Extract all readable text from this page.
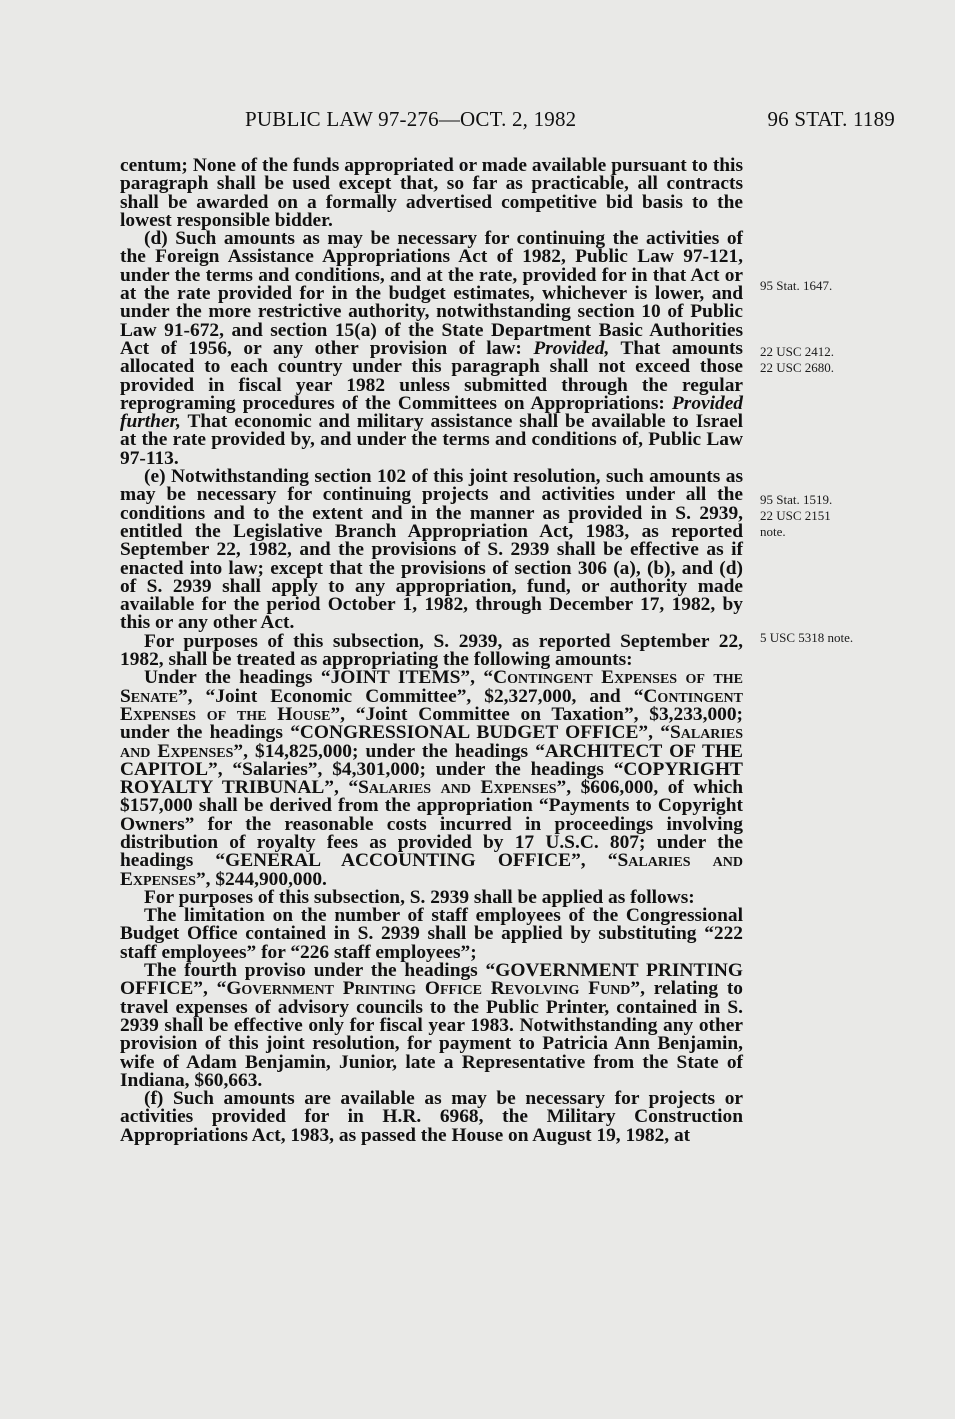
PUBLIC LAW 97-276—OCT. 2, 1982	96 STAT. 1189
95 Stat. 1647.
22 USC 2412.
22 USC 2680.
95 Stat. 1519.
22 USC 2151
note.
5 USC 5318 note.

centum; None of the funds appropriated or made available pursuant to this paragraph shall be used except that, so far as practicable, all contracts shall be awarded on a formally advertised competitive bid basis to the lowest responsible bidder.

(d) Such amounts as may be necessary for continuing the activities of the Foreign Assistance Appropriations Act of 1982, Public Law 97-121, under the terms and conditions, and at the rate, provided for in that Act or at the rate provided for in the budget estimates, whichever is lower, and under the more restrictive authority, notwithstanding section 10 of Public Law 91-672, and section 15(a) of the State Department Basic Authorities Act of 1956, or any other provision of law: Provided, That amounts allocated to each country under this paragraph shall not exceed those provided in fiscal year 1982 unless submitted through the regular reprograming procedures of the Committees on Appropriations: Provided further, That economic and military assistance shall be available to Israel at the rate provided by, and under the terms and conditions of, Public Law 97-113.

(e) Notwithstanding section 102 of this joint resolution, such amounts as may be necessary for continuing projects and activities under all the conditions and to the extent and in the manner as provided in S. 2939, entitled the Legislative Branch Appropriation Act, 1983, as reported September 22, 1982, and the provisions of S. 2939 shall be effective as if enacted into law; except that the provisions of section 306 (a), (b), and (d) of S. 2939 shall apply to any appropriation, fund, or authority made available for the period October 1, 1982, through December 17, 1982, by this or any other Act.

For purposes of this subsection, S. 2939, as reported September 22, 1982, shall be treated as appropriating the following amounts:

Under the headings “JOINT ITEMS”, “Contingent Expenses of the Senate”, “Joint Economic Committee”, $2,327,000, and “Contingent Expenses of the House”, “Joint Committee on Taxation”, $3,233,000; under the headings “CONGRESSIONAL BUDGET OFFICE”, “Salaries and Expenses”, $14,825,000; under the headings “ARCHITECT OF THE CAPITOL”, “Salaries”, $4,301,000; under the headings “COPYRIGHT ROYALTY TRIBUNAL”, “Salaries and Expenses”, $606,000, of which $157,000 shall be derived from the appropriation “Payments to Copyright Owners” for the reasonable costs incurred in proceedings involving distribution of royalty fees as provided by 17 U.S.C. 807; under the headings “GENERAL ACCOUNTING OFFICE”, “Salaries and Expenses”, $244,900,000.

For purposes of this subsection, S. 2939 shall be applied as follows:

The limitation on the number of staff employees of the Congressional Budget Office contained in S. 2939 shall be applied by substituting “222 staff employees” for “226 staff employees”;

The fourth proviso under the headings “GOVERNMENT PRINTING OFFICE”, “Government Printing Office Revolving Fund”, relating to travel expenses of advisory councils to the Public Printer, contained in S. 2939 shall be effective only for fiscal year 1983. Notwithstanding any other provision of this joint resolution, for payment to Patricia Ann Benjamin, wife of Adam Benjamin, Junior, late a Representative from the State of Indiana, $60,663.

(f) Such amounts are available as may be necessary for projects or activities provided for in H.R. 6968, the Military Construction Appropriations Act, 1983, as passed the House on August 19, 1982, at
